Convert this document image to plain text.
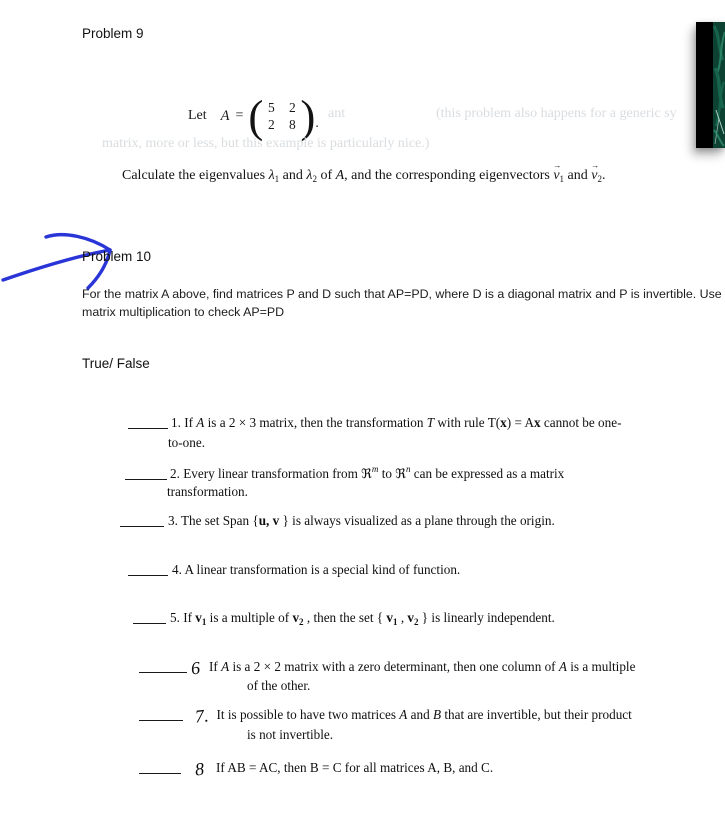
Problem 9
Let A = ( 5 2
2 8 ) .
ant	(this problem also happens for a generic sy
matrix, more or less, but this example is particularly nice.)
Calculate the eigenvalues $\lambda_1$ and $\lambda_2$ of A, and the corresponding eigenvectors $v \to_1$ and $v \to_2$.
Problem 10
For the matrix A above, find matrices P and D such that AP=PD, where D is a diagonal matrix and P is invertible. Use
matrix multiplication to check AP=PD
True/ False
1. If A is a 2 × 3 matrix, then the transformation T with rule T(x) = Ax cannot be one-
to-one.
2. Every linear transformation from ℜ$^m$ to ℜ$^n$ can be expressed as a matrix
transformation.
3. The set Span {u, v } is always visualized as a plane through the origin.
4. A linear transformation is a special kind of function.
5. If $v_1$ is a multiple of $v_2$ , then the set { $v_1$ , $v_2$ } is linearly independent.
6 If A is a 2 × 2 matrix with a zero determinant, then one column of A is a multiple
of the other.
7. It is possible to have two matrices A and B that are invertible, but their product
is not invertible.
8 If AB = AC, then B = C for all matrices A, B, and C.
